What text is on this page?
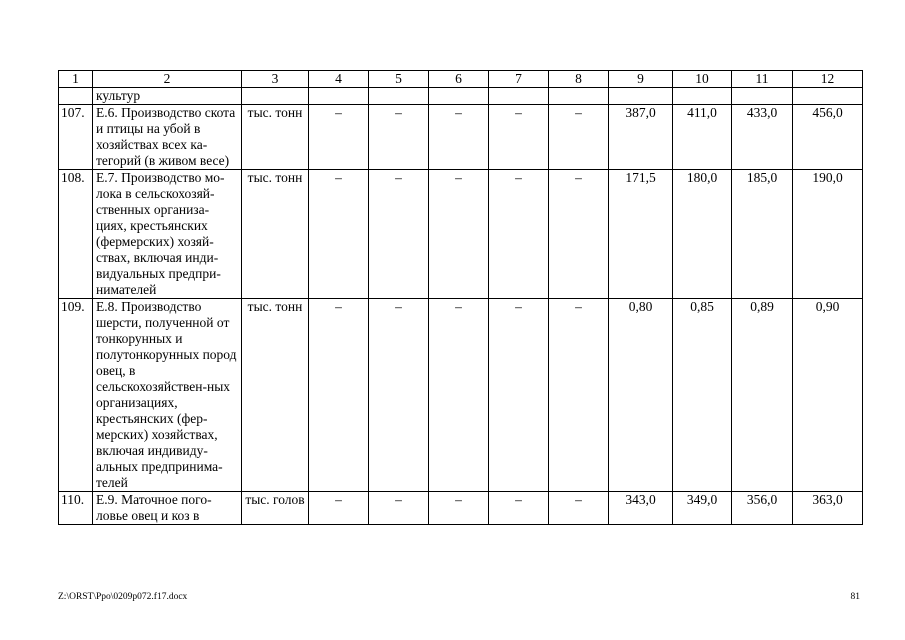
1	2	3	4	5	6	7	8	9	10	11	12
	культур										
107.	Е.6. Производство скота и птицы на убой в хозяйствах всех ка-тегорий (в живом весе)	тыс. тонн	–	–	–	–	–	387,0	411,0	433,0	456,0
108.	Е.7. Производство мо-лока в сельскохозяй-ственных организа-циях, крестьянских (фермерских) хозяй-ствах, включая инди-видуальных предпри-нимателей	тыс. тонн	–	–	–	–	–	171,5	180,0	185,0	190,0
109.	Е.8. Производство шерсти, полученной от тонкорунных и полутонкорунных пород овец, в сельскохозяйствен-ных организациях, крестьянских (фер-мерских) хозяйствах, включая индивиду-альных предпринима-телей	тыс. тонн	–	–	–	–	–	0,80	0,85	0,89	0,90
110.	Е.9. Маточное пого-ловье овец и коз в	тыс. голов	–	–	–	–	–	343,0	349,0	356,0	363,0
Z:\ORST\Ppo\0209p072.f17.docx	81
